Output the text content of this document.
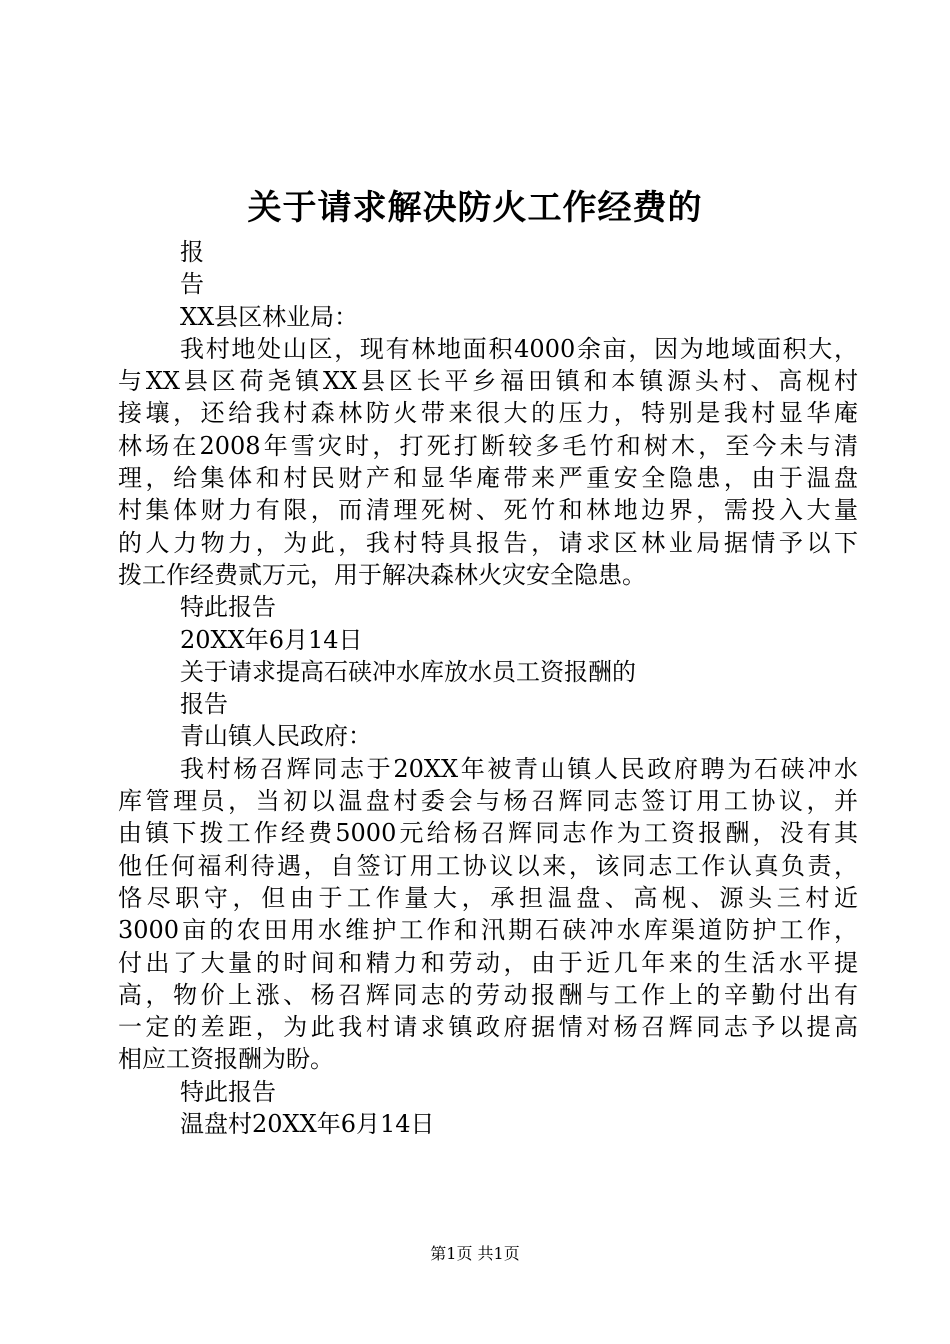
关于请求解决防火工作经费的
报
告
XX县区林业局：
我村地处山区，现有林地面积4000余亩，因为地域面积大，
与XX县区荷尧镇XX县区长平乡福田镇和本镇源头村、高枧村
接壤，还给我村森林防火带来很大的压力，特别是我村显华庵
林场在2008年雪灾时，打死打断较多毛竹和树木，至今未与清
理，给集体和村民财产和显华庵带来严重安全隐患，由于温盘
村集体财力有限，而清理死树、死竹和林地边界，需投入大量
的人力物力，为此，我村特具报告，请求区林业局据情予以下
拨工作经费贰万元，用于解决森林火灾安全隐患。
特此报告
20XX年6月14日
关于请求提高石硖冲水库放水员工资报酬的
报告
青山镇人民政府：
我村杨召辉同志于20XX年被青山镇人民政府聘为石硖冲水
库管理员，当初以温盘村委会与杨召辉同志签订用工协议，并
由镇下拨工作经费5000元给杨召辉同志作为工资报酬，没有其
他任何福利待遇，自签订用工协议以来，该同志工作认真负责，
恪尽职守，但由于工作量大，承担温盘、高枧、源头三村近
3000亩的农田用水维护工作和汛期石硖冲水库渠道防护工作，
付出了大量的时间和精力和劳动，由于近几年来的生活水平提
高，物价上涨、杨召辉同志的劳动报酬与工作上的辛勤付出有
一定的差距，为此我村请求镇政府据情对杨召辉同志予以提高
相应工资报酬为盼。
特此报告
温盘村20XX年6月14日
第1页 共1页
